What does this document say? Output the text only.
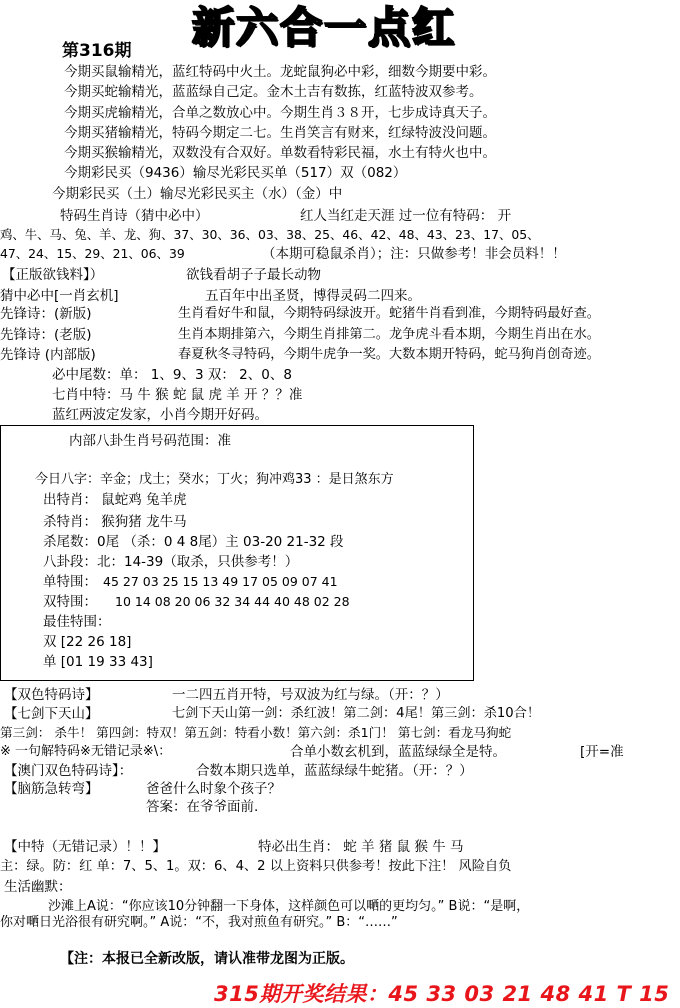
新六合一点红
第316期
今期买鼠输精光，蓝红特码中火土。龙蛇鼠狗必中彩，细数今期要中彩。
今期买蛇输精光，蓝蓝绿自己定。金木土吉有数拣，红蓝特波双参考。
今期买虎输精光，合单之数放心中。今期生肖３８开，七步成诗真天子。
今期买猪输精光，特码今期定二七。生肖笑言有财来，红绿特波没问题。
今期买猴输精光，双数没有合双好。单数看特彩民福，水土有特火也中。
今期彩民买（9436）输尽光彩民买单（517）双（082）
今期彩民买（土）输尽光彩民买主（水）（金）中
特码生肖诗（猜中必中）	红人当红走天涯 过一位有特码： 开
鸡、牛、马、兔、羊、龙、狗、37、30、36、03、38、25、46、42、48、43、23、17、05、
47、24、15、29、21、06、39	（本期可稳鼠杀肖）；注：只做参考！非会员料！！
【正版欲钱料】）	欲钱看胡子子最长动物
猜中必中[一肖玄机]	五百年中出圣贤，博得灵码二四来。
先锋诗：(新版)	生肖看好牛和鼠，今期特码绿波开。蛇猪牛肖看到准，今期特码最好查。
先锋诗：(老版)	生肖本期排第六，今期生肖排第二。龙争虎斗看本期，今期生肖出在水。
先锋诗 (内部版)	春夏秋冬寻特码，今期牛虎争一奖。大数本期开特码，蛇马狗肖创奇迹。
必中尾数：单： 1、9、3 双： 2、0、8
七肖中特：马 牛 猴 蛇 鼠 虎 羊 开 ？？准
蓝红两波定发家，小肖今期开好码。
内部八卦生肖号码范围：准
今日八字：辛金；戊土；癸水；丁火；狗冲鸡33 ：是日煞东方
出特肖： 鼠蛇鸡 兔羊虎
杀特肖： 猴狗猪 龙牛马
杀尾数：0尾 （杀：0 4 8尾）主 03-20 21-32 段
八卦段：北：14-39（取杀，只供参考！）
单特围： 45 27 03 25 15 13 49 17 05 09 07 41
双特围： 10 14 08 20 06 32 34 44 40 48 02 28
最佳特围：
双 [22 26 18]
单 [01 19 33 43]
【双色特码诗】	一二四五肖开特，号双波为红与绿。（开：？）
【七剑下天山】	七剑下天山第一剑：杀红波！第二剑：4尾！第三剑：杀10合！
第三剑： 杀牛！ 第四剑：特双！第五剑：特看小数！第六剑：杀1门！ 第七剑：看龙马狗蛇
※ 一句解特码※无错记录※\：	合单小数玄机到，蓝蓝绿绿全是特。	[开=准
【澳门双色特码诗】：	合数本期只选单，蓝蓝绿绿牛蛇猪。（开：？）
【脑筋急转弯】	爸爸什么时象个孩子？
答案：在爷爷面前.
【中特（无错记录）！！】	特必出生肖： 蛇 羊 猪 鼠 猴 牛 马
主：绿。防：红 单：7、5、1。双：6、4、2 以上资料只供参考！按此下注！ 风险自负
生活幽默：
沙滩上A说：“你应该10分钟翻一下身体，这样颜色可以嗮的更均匀。” B说：“是啊，
你对嗮日光浴很有研究啊。” A说：“不，我对煎鱼有研究。” B：“……”
【注：本报已全新改版，请认准带龙图为正版。
315期开奖结果：45 33 03 21 48 41 T 15
